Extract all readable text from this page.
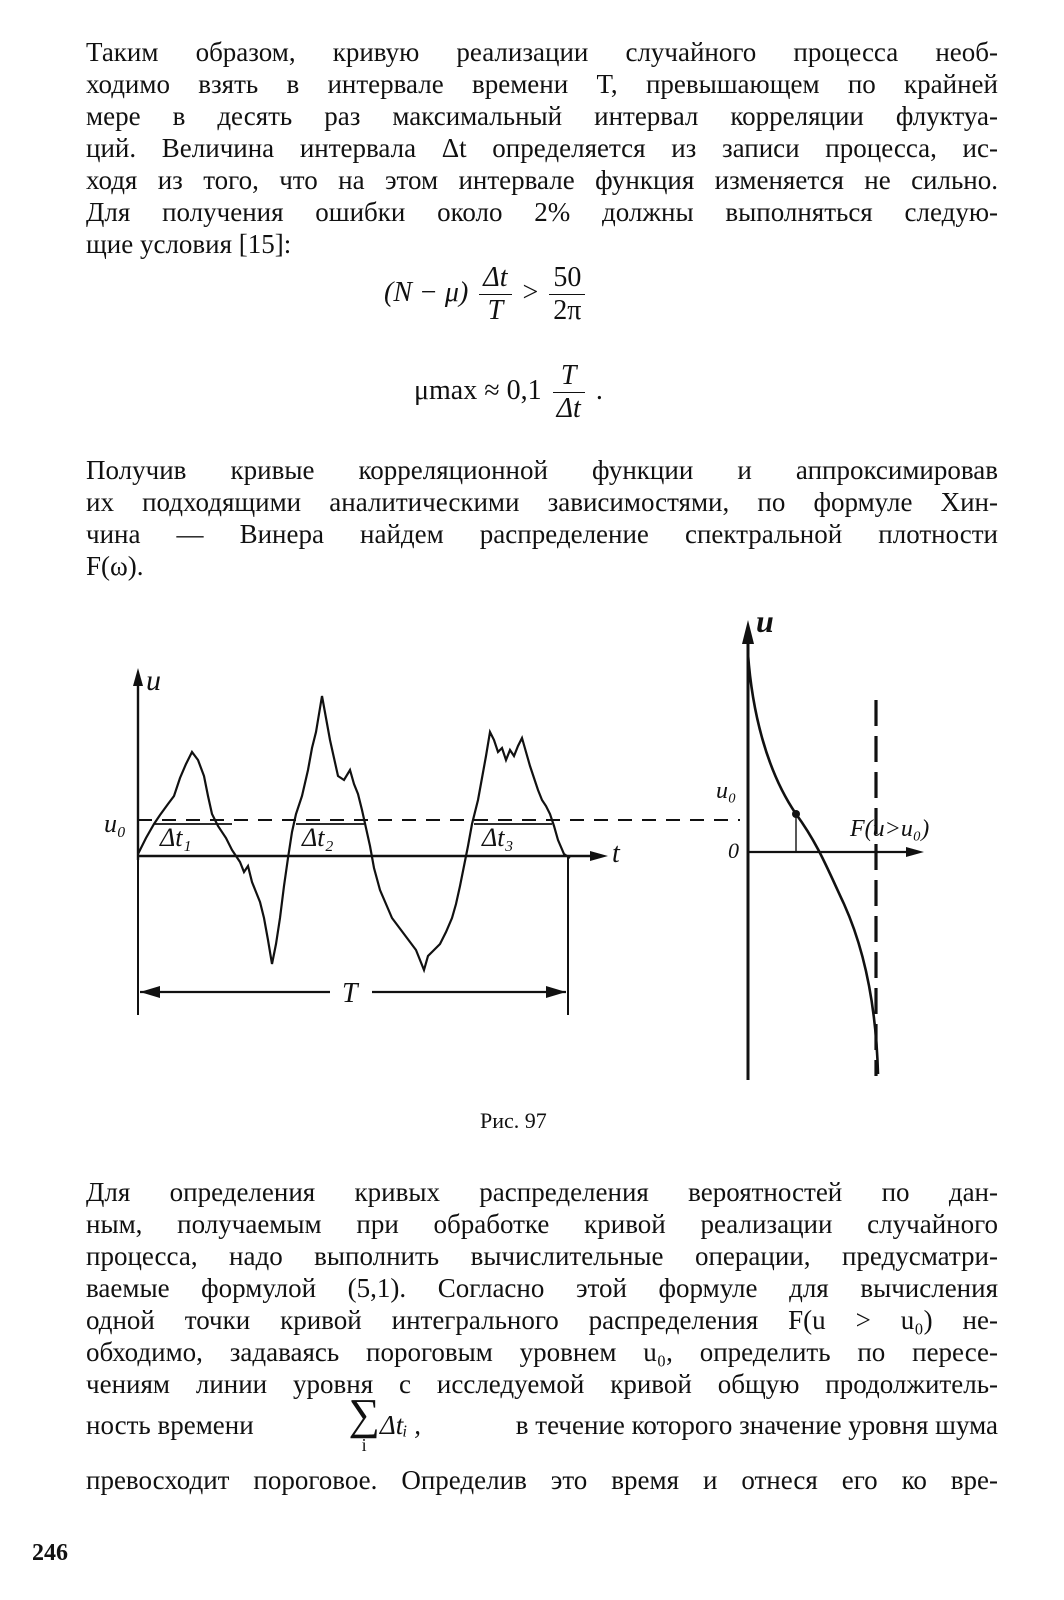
Таким образом, кривую реализации случайного процесса необ-
ходимо взять в интервале времени T, превышающем по крайней
мере в десять раз максимальный интервал корреляции флуктуа-
ций. Величина интервала Δt определяется из записи процесса, ис-
ходя из того, что на этом интервале функция изменяется не сильно.
Для получения ошибки около 2% должны выполняться следую-
щие условия [15]:
$(N - \mu) \frac{\Delta t}{T} > \frac{50}{2\pi}$
$\mu\max \approx 0,1 \frac{T}{\Delta t}$ .
Получив кривые корреляционной функции и аппроксимировав
их подходящими аналитическими зависимостями, по формуле Хин-
чина — Винера найдем распределение спектральной плотности
F(ω).
u
t
u₀ Δt₁	Δt₂	Δt₃
T
u
u₀
0
F(u>u₀)
Рис. 97
Для определения кривых распределения вероятностей по дан-
ным, получаемым при обработке кривой реализации случайного
процесса, надо выполнить вычислительные операции, предусматри-
ваемые формулой (5,1). Согласно этой формуле для вычисления
одной точки кривой интегрального распределения F(u > u₀) не-
обходимо, задаваясь пороговым уровнем u₀, определить по пересе-
чениям линии уровня с исследуемой кривой общую продолжитель-
ность времени ∑
i
Δtᵢ ,	в течение которого значение уровня шума
превосходит пороговое. Определив это время и отнеся его ко вре-
246
